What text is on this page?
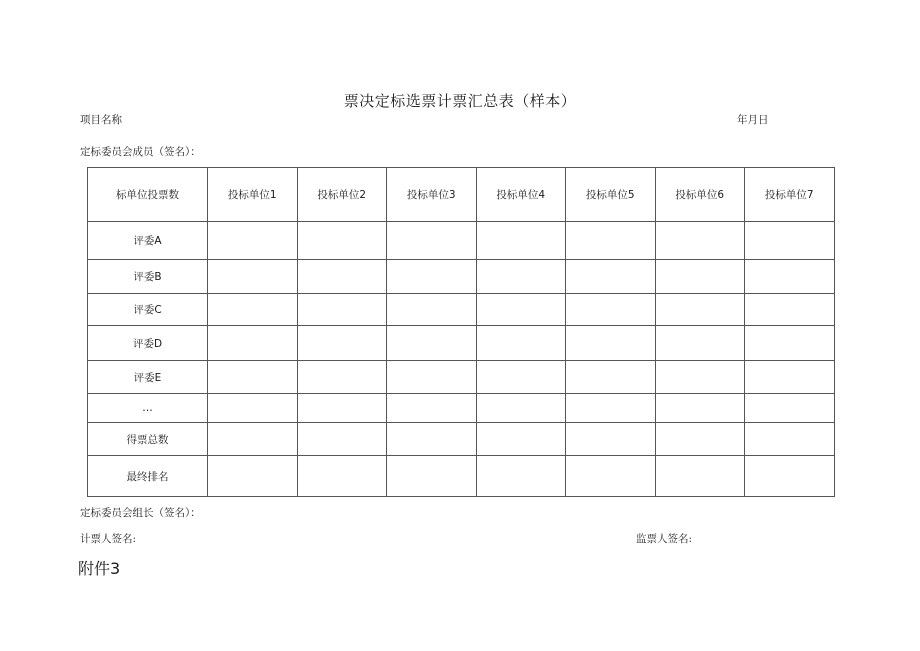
票决定标选票计票汇总表（样本）
项目名称	年月日
定标委员会成员（签名）：
标单位投票数	投标单位1	投标单位2	投标单位3	投标单位4	投标单位5	投标单位6	投标单位7
评委A							
评委B							
评委C							
评委D							
评委E							
…							
得票总数							
最终排名							
定标委员会组长（签名）：
计票人签名:	监票人签名:
附件3
